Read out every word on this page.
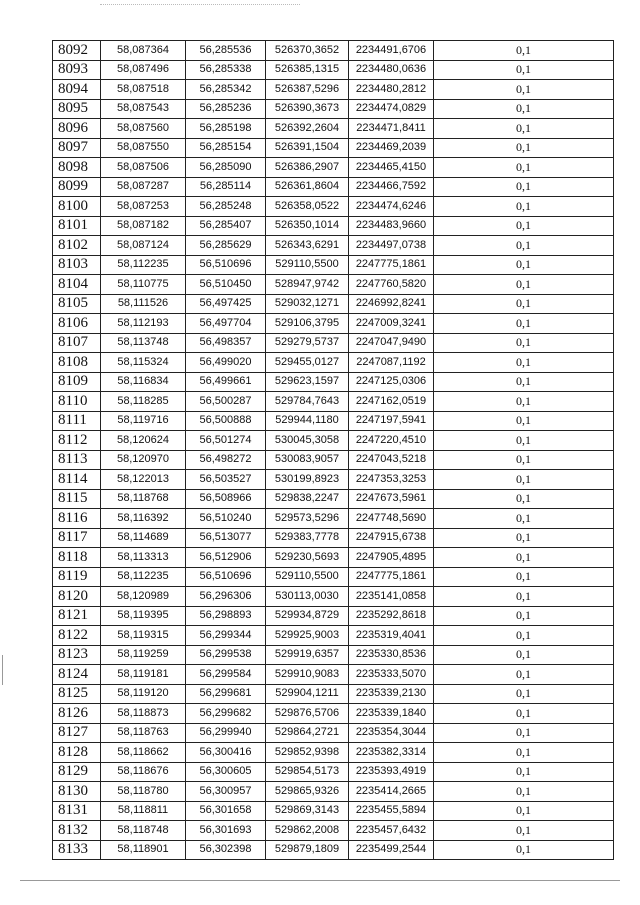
8092	58,087364	56,285536	526370,3652	2234491,6706	0,1
8093	58,087496	56,285338	526385,1315	2234480,0636	0,1
8094	58,087518	56,285342	526387,5296	2234480,2812	0,1
8095	58,087543	56,285236	526390,3673	2234474,0829	0,1
8096	58,087560	56,285198	526392,2604	2234471,8411	0,1
8097	58,087550	56,285154	526391,1504	2234469,2039	0,1
8098	58,087506	56,285090	526386,2907	2234465,4150	0,1
8099	58,087287	56,285114	526361,8604	2234466,7592	0,1
8100	58,087253	56,285248	526358,0522	2234474,6246	0,1
8101	58,087182	56,285407	526350,1014	2234483,9660	0,1
8102	58,087124	56,285629	526343,6291	2234497,0738	0,1
8103	58,112235	56,510696	529110,5500	2247775,1861	0,1
8104	58,110775	56,510450	528947,9742	2247760,5820	0,1
8105	58,111526	56,497425	529032,1271	2246992,8241	0,1
8106	58,112193	56,497704	529106,3795	2247009,3241	0,1
8107	58,113748	56,498357	529279,5737	2247047,9490	0,1
8108	58,115324	56,499020	529455,0127	2247087,1192	0,1
8109	58,116834	56,499661	529623,1597	2247125,0306	0,1
8110	58,118285	56,500287	529784,7643	2247162,0519	0,1
8111	58,119716	56,500888	529944,1180	2247197,5941	0,1
8112	58,120624	56,501274	530045,3058	2247220,4510	0,1
8113	58,120970	56,498272	530083,9057	2247043,5218	0,1
8114	58,122013	56,503527	530199,8923	2247353,3253	0,1
8115	58,118768	56,508966	529838,2247	2247673,5961	0,1
8116	58,116392	56,510240	529573,5296	2247748,5690	0,1
8117	58,114689	56,513077	529383,7778	2247915,6738	0,1
8118	58,113313	56,512906	529230,5693	2247905,4895	0,1
8119	58,112235	56,510696	529110,5500	2247775,1861	0,1
8120	58,120989	56,296306	530113,0030	2235141,0858	0,1
8121	58,119395	56,298893	529934,8729	2235292,8618	0,1
8122	58,119315	56,299344	529925,9003	2235319,4041	0,1
8123	58,119259	56,299538	529919,6357	2235330,8536	0,1
8124	58,119181	56,299584	529910,9083	2235333,5070	0,1
8125	58,119120	56,299681	529904,1211	2235339,2130	0,1
8126	58,118873	56,299682	529876,5706	2235339,1840	0,1
8127	58,118763	56,299940	529864,2721	2235354,3044	0,1
8128	58,118662	56,300416	529852,9398	2235382,3314	0,1
8129	58,118676	56,300605	529854,5173	2235393,4919	0,1
8130	58,118780	56,300957	529865,9326	2235414,2665	0,1
8131	58,118811	56,301658	529869,3143	2235455,5894	0,1
8132	58,118748	56,301693	529862,2008	2235457,6432	0,1
8133	58,118901	56,302398	529879,1809	2235499,2544	0,1
